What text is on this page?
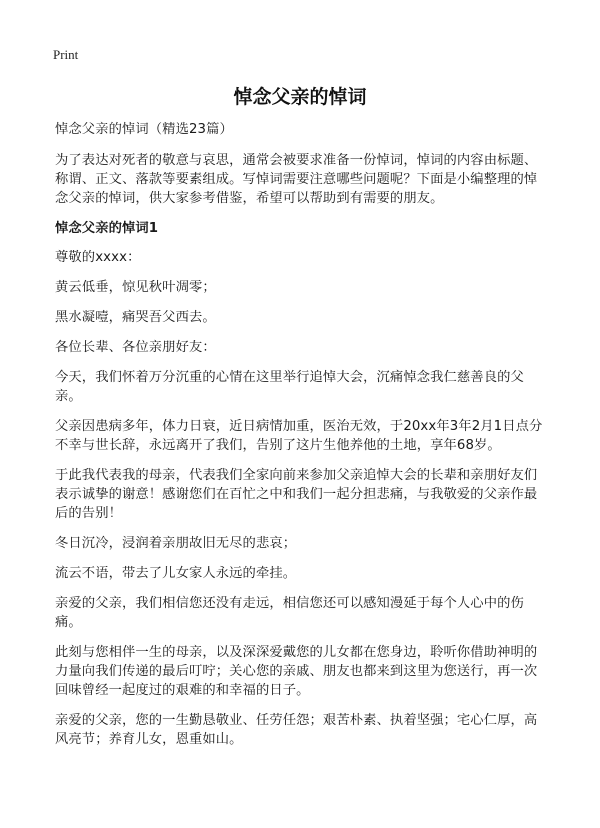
Print
悼念父亲的悼词

悼念父亲的悼词（精选23篇）

为了表达对死者的敬意与哀思，通常会被要求准备一份悼词，悼词的内容由标题、称谓、正文、落款等要素组成。写悼词需要注意哪些问题呢？下面是小编整理的悼念父亲的悼词，供大家参考借鉴，希望可以帮助到有需要的朋友。

悼念父亲的悼词1

尊敬的xxxx：

黄云低垂，惊见秋叶凋零；

黑水凝噎，痛哭吾父西去。

各位长辈、各位亲朋好友：

今天，我们怀着万分沉重的心情在这里举行追悼大会，沉痛悼念我仁慈善良的父亲。

父亲因患病多年，体力日衰，近日病情加重，医治无效，于20xx年3年2月1日点分不幸与世长辞，永远离开了我们，告别了这片生他养他的土地，享年68岁。

于此我代表我的母亲，代表我们全家向前来参加父亲追悼大会的长辈和亲朋好友们表示诚挚的谢意！感谢您们在百忙之中和我们一起分担悲痛，与我敬爱的父亲作最后的告别！

冬日沉冷，浸润着亲朋故旧无尽的悲哀；

流云不语，带去了儿女家人永远的牵挂。

亲爱的父亲，我们相信您还没有走远，相信您还可以感知漫延于每个人心中的伤痛。

此刻与您相伴一生的母亲，以及深深爱戴您的儿女都在您身边，聆听你借助神明的力量向我们传递的最后叮咛；关心您的亲戚、朋友也都来到这里为您送行，再一次回味曾经一起度过的艰难的和幸福的日子。

亲爱的父亲，您的一生勤恳敬业、任劳任怨；艰苦朴素、执着坚强；宅心仁厚，高风亮节；养育儿女，恩重如山。
